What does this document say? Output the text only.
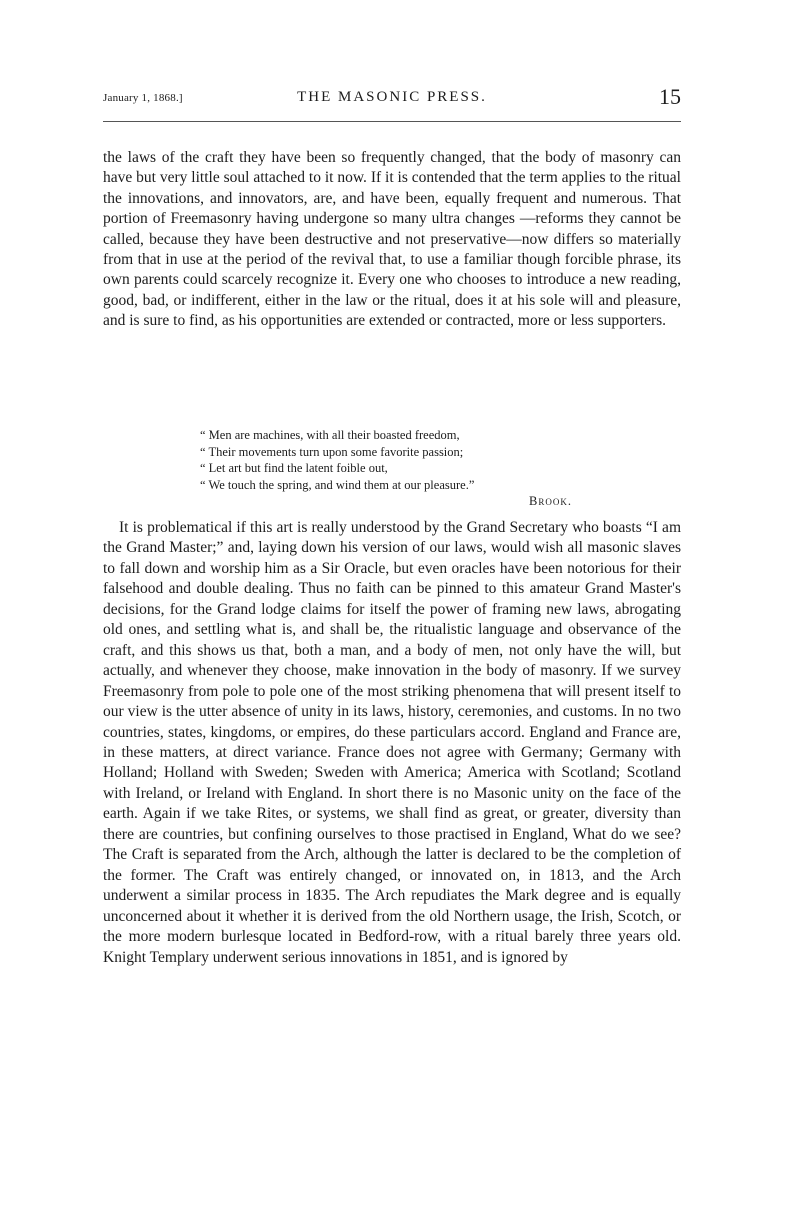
January 1, 1868.]	THE MASONIC PRESS.	15

the laws of the craft they have been so frequently changed, that the body of masonry can have but very little soul attached to it now. If it is contended that the term applies to the ritual the innovations, and innovators, are, and have been, equally frequent and numerous. That portion of Freemasonry having undergone so many ultra changes —reforms they cannot be called, because they have been destructive and not preservative—now differs so materially from that in use at the period of the revival that, to use a familiar though forcible phrase, its own parents could scarcely recognize it. Every one who chooses to introduce a new reading, good, bad, or indifferent, either in the law or the ritual, does it at his sole will and pleasure, and is sure to find, as his opportunities are extended or contracted, more or less supporters.

“ Men are machines, with all their boasted freedom,
“ Their movements turn upon some favorite passion;
“ Let art but find the latent foible out,
“ We touch the spring, and wind them at our pleasure.”
Brook.

It is problematical if this art is really understood by the Grand Secretary who boasts “I am the Grand Master;” and, laying down his version of our laws, would wish all masonic slaves to fall down and worship him as a Sir Oracle, but even oracles have been notorious for their falsehood and double dealing. Thus no faith can be pinned to this amateur Grand Master's decisions, for the Grand lodge claims for itself the power of framing new laws, abrogating old ones, and settling what is, and shall be, the ritualistic language and observance of the craft, and this shows us that, both a man, and a body of men, not only have the will, but actually, and whenever they choose, make innovation in the body of masonry. If we survey Freemasonry from pole to pole one of the most striking phenomena that will present itself to our view is the utter absence of unity in its laws, history, ceremonies, and customs. In no two countries, states, kingdoms, or empires, do these particulars accord. England and France are, in these matters, at direct variance. France does not agree with Germany; Germany with Holland; Holland with Sweden; Sweden with America; America with Scotland; Scotland with Ireland, or Ireland with England. In short there is no Masonic unity on the face of the earth. Again if we take Rites, or systems, we shall find as great, or greater, diversity than there are countries, but confining ourselves to those practised in England, What do we see? The Craft is separated from the Arch, although the latter is declared to be the completion of the former. The Craft was entirely changed, or innovated on, in 1813, and the Arch underwent a similar process in 1835. The Arch repudiates the Mark degree and is equally unconcerned about it whether it is derived from the old Northern usage, the Irish, Scotch, or the more modern burlesque located in Bedford-row, with a ritual barely three years old. Knight Templary underwent serious innovations in 1851, and is ignored by
